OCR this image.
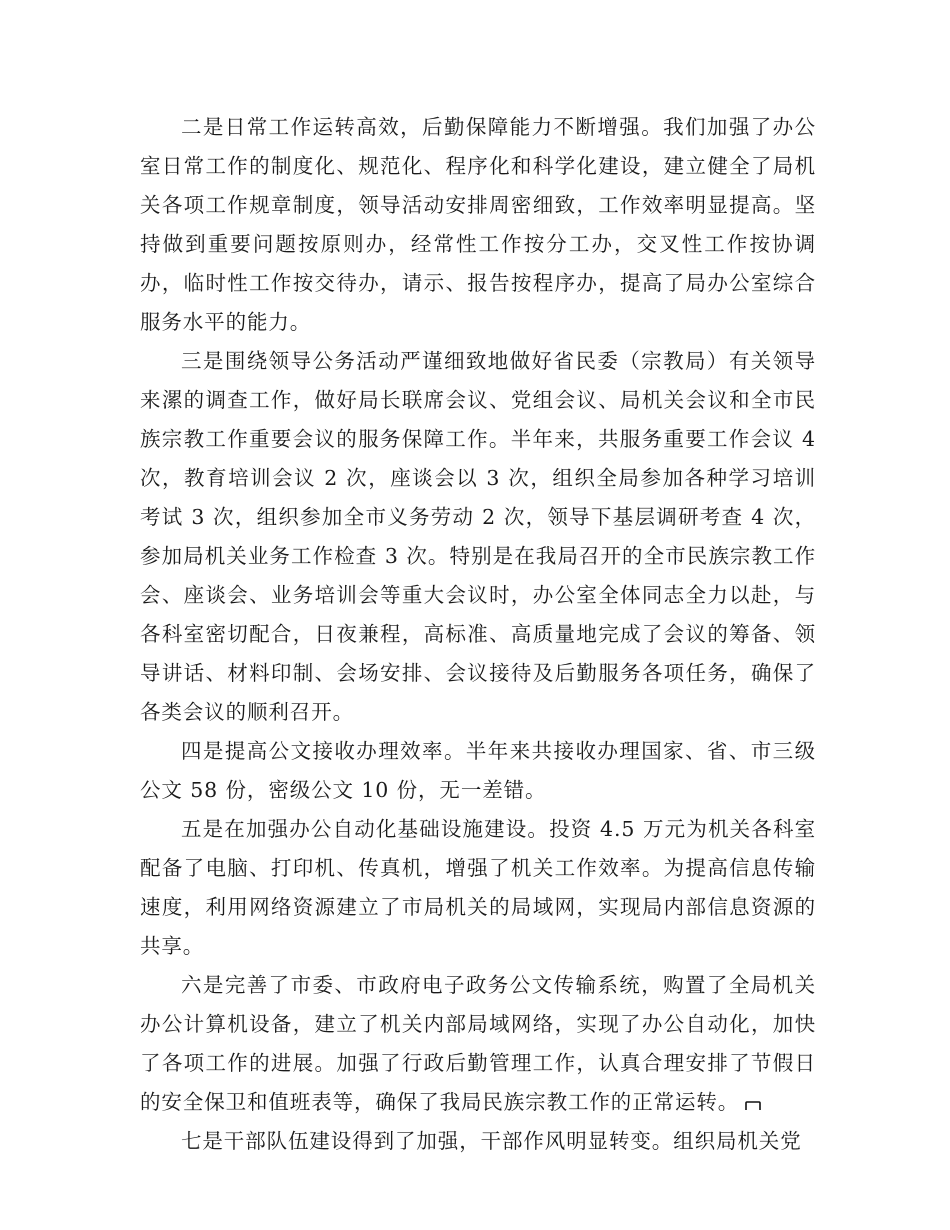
二是日常工作运转高效，后勤保障能力不断增强。我们加强了办公室日常工作的制度化、规范化、程序化和科学化建设，建立健全了局机关各项工作规章制度，领导活动安排周密细致，工作效率明显提高。坚持做到重要问题按原则办，经常性工作按分工办，交叉性工作按协调办，临时性工作按交待办，请示、报告按程序办，提高了局办公室综合服务水平的能力。

三是围绕领导公务活动严谨细致地做好省民委（宗教局）有关领导来漯的调查工作，做好局长联席会议、党组会议、局机关会议和全市民族宗教工作重要会议的服务保障工作。半年来，共服务重要工作会议 4 次，教育培训会议 2 次，座谈会以 3 次，组织全局参加各种学习培训考试 3 次，组织参加全市义务劳动 2 次，领导下基层调研考查 4 次，参加局机关业务工作检查 3 次。特别是在我局召开的全市民族宗教工作会、座谈会、业务培训会等重大会议时，办公室全体同志全力以赴，与各科室密切配合，日夜兼程，高标准、高质量地完成了会议的筹备、领导讲话、材料印制、会场安排、会议接待及后勤服务各项任务，确保了各类会议的顺利召开。

四是提高公文接收办理效率。半年来共接收办理国家、省、市三级公文 58 份，密级公文 10 份，无一差错。

五是在加强办公自动化基础设施建设。投资 4.5 万元为机关各科室配备了电脑、打印机、传真机，增强了机关工作效率。为提高信息传输速度，利用网络资源建立了市局机关的局域网，实现局内部信息资源的共享。

六是完善了市委、市政府电子政务公文传输系统，购置了全局机关办公计算机设备，建立了机关内部局域网络，实现了办公自动化，加快了各项工作的进展。加强了行政后勤管理工作，认真合理安排了节假日的安全保卫和值班表等，确保了我局民族宗教工作的正常运转。

七是干部队伍建设得到了加强，干部作风明显转变。组织局机关党
